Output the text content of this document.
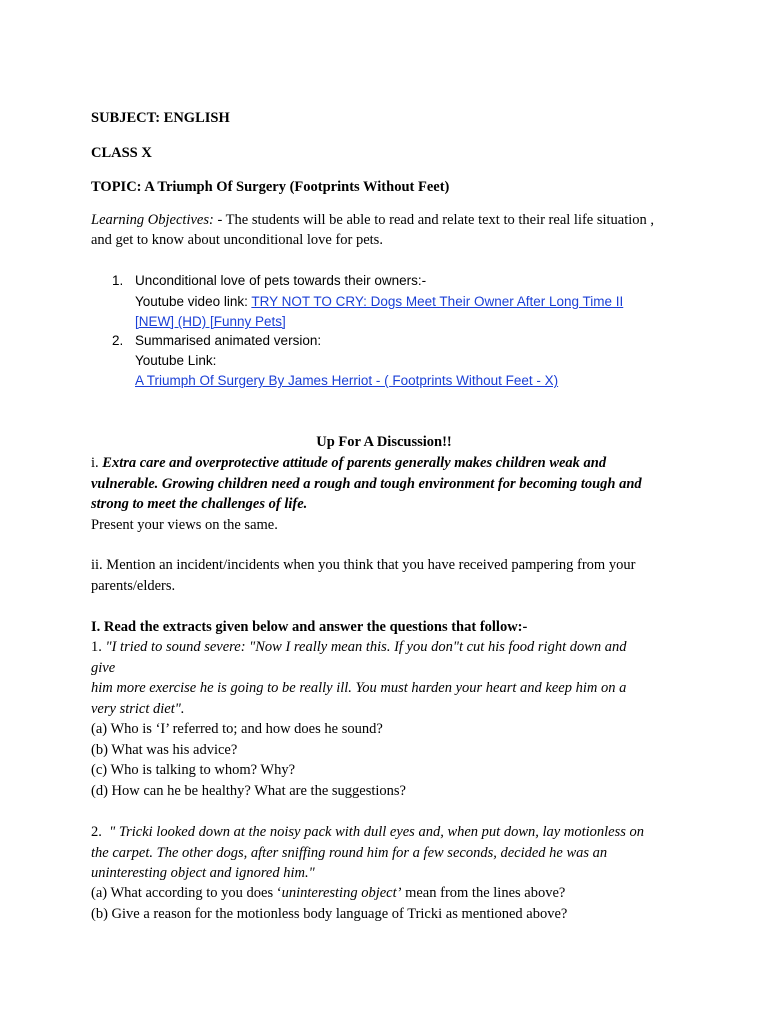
SUBJECT: ENGLISH
CLASS X
TOPIC: A Triumph Of Surgery (Footprints Without Feet)
Learning Objectives: - The students will be able to read and relate text to their real life situation ,
and get to know about unconditional love for pets.
1. Unconditional love of pets towards their owners:-
Youtube video link: TRY NOT TO CRY: Dogs Meet Their Owner After Long Time II
[NEW] (HD) [Funny Pets]
2. Summarised animated version:
Youtube Link:
A Triumph Of Surgery By James Herriot - ( Footprints Without Feet - X)
Up For A Discussion!!
i. Extra care and overprotective attitude of parents generally makes children weak and
vulnerable. Growing children need a rough and tough environment for becoming tough and
strong to meet the challenges of life.
Present your views on the same.
ii. Mention an incident/incidents when you think that you have received pampering from your
parents/elders.
I. Read the extracts given below and answer the questions that follow:-
1. "I tried to sound severe: "Now I really mean this. If you don"t cut his food right down and
give
him more exercise he is going to be really ill. You must harden your heart and keep him on a
very strict diet".
(a) Who is ‘I’ referred to; and how does he sound?
(b) What was his advice?
(c) Who is talking to whom? Why?
(d) How can he be healthy? What are the suggestions?
2. " Tricki looked down at the noisy pack with dull eyes and, when put down, lay motionless on
the carpet. The other dogs, after sniffing round him for a few seconds, decided he was an
uninteresting object and ignored him."
(a) What according to you does ‘uninteresting object’ mean from the lines above?
(b) Give a reason for the motionless body language of Tricki as mentioned above?
